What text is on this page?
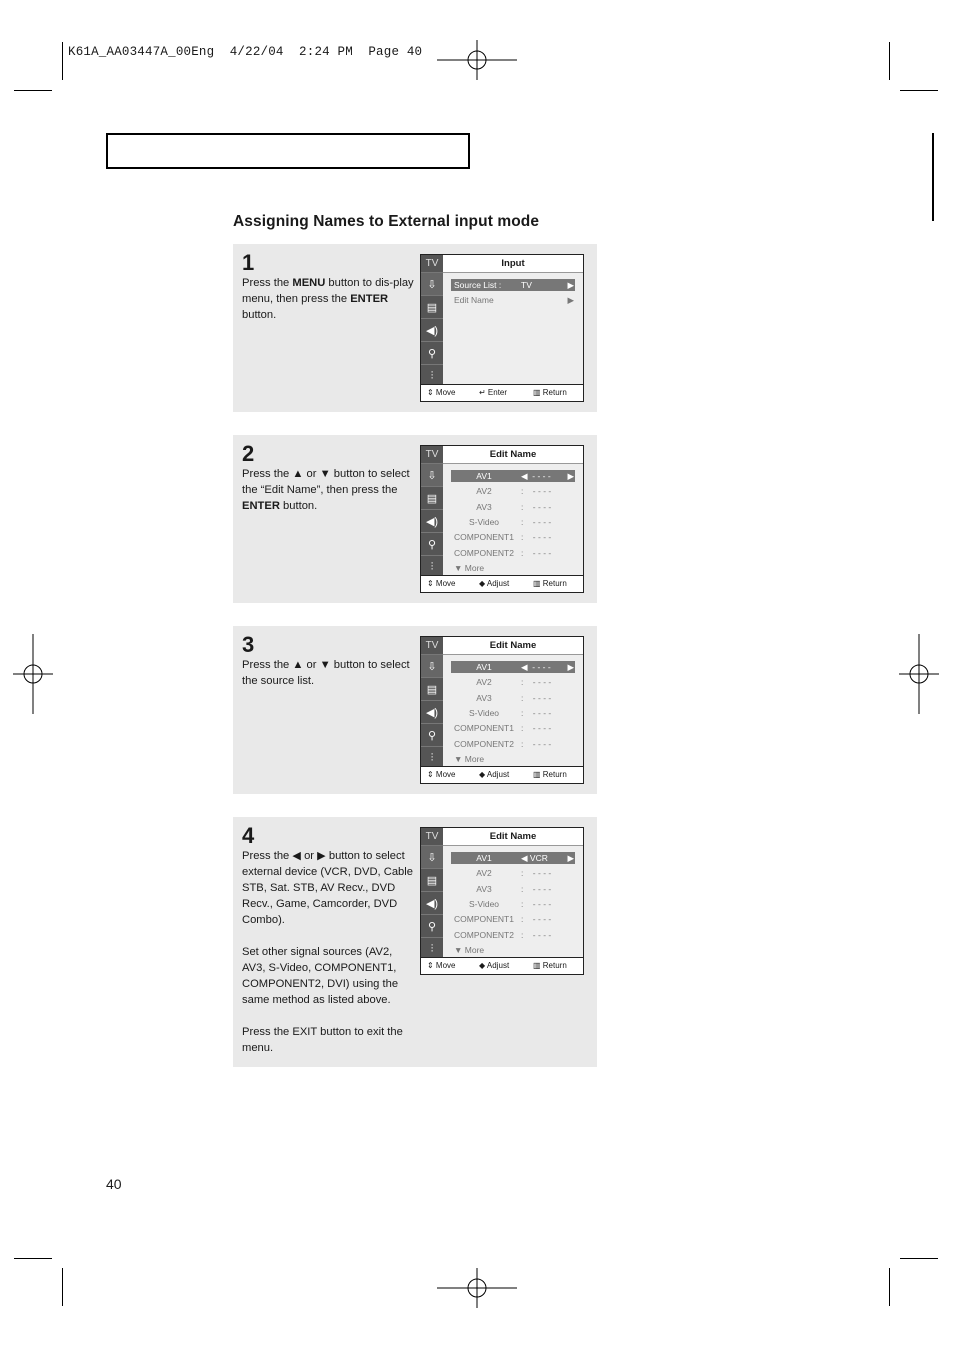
K61A_AA03447A_00Eng  4/22/04  2:24 PM  Page 40
Assigning Names to External input mode
1

Press the MENU button to dis-play menu, then press the ENTER button.

TV
⇩
▤
◀)
⚲
⫶
Input
Source List : TV	▶
Edit Name	▶
⇕ Move	↵ Enter	▥ Return
2

Press the ▲ or ▼ button to select the “Edit Name”, then press the ENTER button.

TV
⇩
▤
◀)
⚲
⫶
Edit Name
AV1	◀  - - - - ▶
AV2	:    - - - -
AV3	:    - - - -
S-Video	:    - - - -
COMPONENT1 :    - - - -
COMPONENT2 :    - - - -
▼ More
⇕ Move	◆ Adjust	▥ Return
3

Press the ▲ or ▼ button to select the source list.

TV
⇩
▤
◀)
⚲
⫶
Edit Name
AV1	◀  - - - - ▶
AV2	:    - - - -
AV3	:    - - - -
S-Video	:    - - - -
COMPONENT1 :    - - - -
COMPONENT2 :    - - - -
▼ More
⇕ Move	◆ Adjust	▥ Return
4

Press the ◀ or ▶ button to select external device (VCR, DVD, Cable STB, Sat. STB, AV Recv., DVD Recv., Game, Camcorder, DVD Combo).

Set other signal sources (AV2, AV3, S-Video, COMPONENT1, COMPONENT2, DVI) using the same method as listed above.

Press the EXIT button to exit the menu.

TV
⇩
▤
◀)
⚲
⫶
Edit Name
AV1	◀ VCR ▶
AV2	:    - - - -
AV3	:    - - - -
S-Video	:    - - - -
COMPONENT1 :    - - - -
COMPONENT2 :    - - - -
▼ More
⇕ Move	◆ Adjust	▥ Return
40
